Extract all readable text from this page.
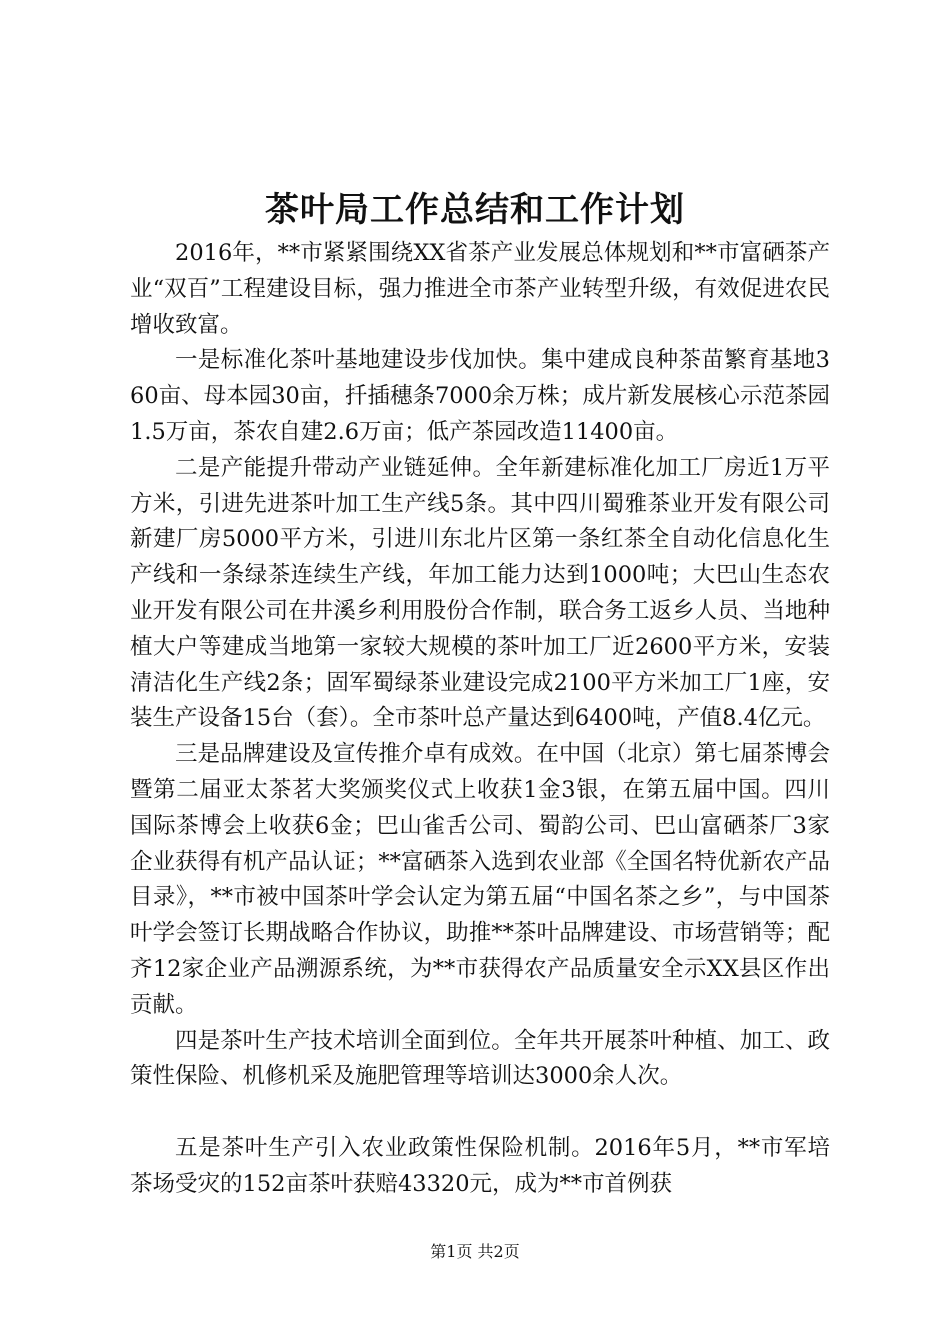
茶叶局工作总结和工作计划

2016年，**市紧紧围绕XX省茶产业发展总体规划和**市富硒茶产业“双百”工程建设目标，强力推进全市茶产业转型升级，有效促进农民增收致富。

一是标准化茶叶基地建设步伐加快。集中建成良种茶苗繁育基地360亩、母本园30亩，扦插穗条7000余万株；成片新发展核心示范茶园1.5万亩，茶农自建2.6万亩；低产茶园改造11400亩。

二是产能提升带动产业链延伸。全年新建标准化加工厂房近1万平方米，引进先进茶叶加工生产线5条。其中四川蜀雅茶业开发有限公司新建厂房5000平方米，引进川东北片区第一条红茶全自动化信息化生产线和一条绿茶连续生产线，年加工能力达到1000吨；大巴山生态农业开发有限公司在井溪乡利用股份合作制，联合务工返乡人员、当地种植大户等建成当地第一家较大规模的茶叶加工厂近2600平方米，安装清洁化生产线2条；固军蜀绿茶业建设完成2100平方米加工厂1座，安装生产设备15台（套）。全市茶叶总产量达到6400吨，产值8.4亿元。

三是品牌建设及宣传推介卓有成效。在中国（北京）第七届茶博会暨第二届亚太茶茗大奖颁奖仪式上收获1金3银，在第五届中国。四川国际茶博会上收获6金；巴山雀舌公司、蜀韵公司、巴山富硒茶厂3家企业获得有机产品认证；**富硒茶入选到农业部《全国名特优新农产品目录》，**市被中国茶叶学会认定为第五届“中国名茶之乡”，与中国茶叶学会签订长期战略合作协议，助推**茶叶品牌建设、市场营销等；配齐12家企业产品溯源系统，为**市获得农产品质量安全示XX县区作出贡献。

四是茶叶生产技术培训全面到位。全年共开展茶叶种植、加工、政策性保险、机修机采及施肥管理等培训达3000余人次。

五是茶叶生产引入农业政策性保险机制。2016年5月，**市军培茶场受灾的152亩茶叶获赔43320元，成为**市首例获

第1页 共2页
